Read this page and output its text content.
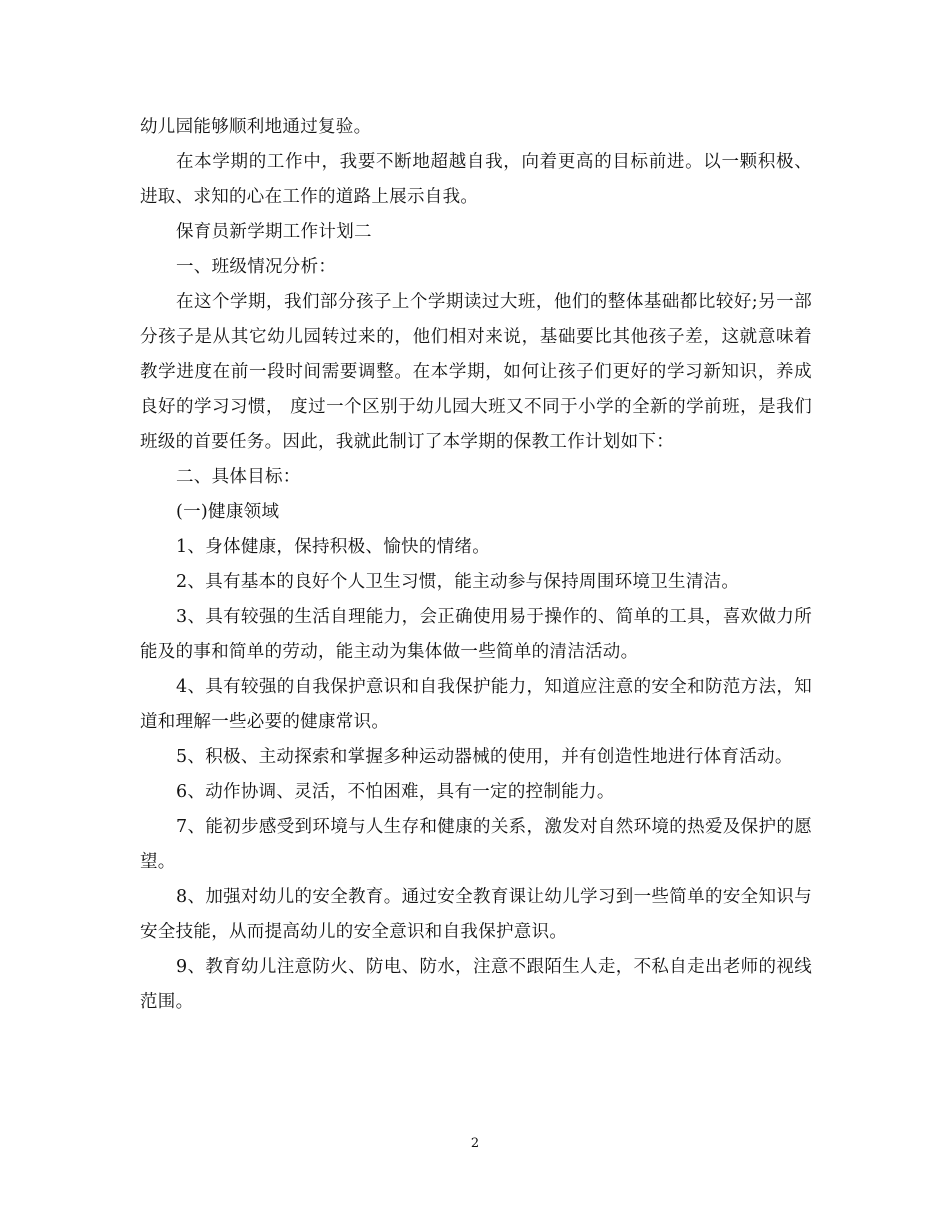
幼儿园能够顺利地通过复验。

在本学期的工作中，我要不断地超越自我，向着更高的目标前进。以一颗积极、进取、求知的心在工作的道路上展示自我。

保育员新学期工作计划二

一、班级情况分析：

在这个学期，我们部分孩子上个学期读过大班，他们的整体基础都比较好;另一部分孩子是从其它幼儿园转过来的，他们相对来说，基础要比其他孩子差，这就意味着教学进度在前一段时间需要调整。在本学期，如何让孩子们更好的学习新知识，养成良好的学习习惯， 度过一个区别于幼儿园大班又不同于小学的全新的学前班，是我们班级的首要任务。因此，我就此制订了本学期的保教工作计划如下：

二、具体目标：

(一)健康领域

1、身体健康，保持积极、愉快的情绪。

2、具有基本的良好个人卫生习惯，能主动参与保持周围环境卫生清洁。

3、具有较强的生活自理能力，会正确使用易于操作的、简单的工具，喜欢做力所能及的事和简单的劳动，能主动为集体做一些简单的清洁活动。

4、具有较强的自我保护意识和自我保护能力，知道应注意的安全和防范方法，知道和理解一些必要的健康常识。

5、积极、主动探索和掌握多种运动器械的使用，并有创造性地进行体育活动。

6、动作协调、灵活，不怕困难，具有一定的控制能力。

7、能初步感受到环境与人生存和健康的关系，激发对自然环境的热爱及保护的愿望。

8、加强对幼儿的安全教育。通过安全教育课让幼儿学习到一些简单的安全知识与安全技能，从而提高幼儿的安全意识和自我保护意识。

9、教育幼儿注意防火、防电、防水，注意不跟陌生人走，不私自走出老师的视线范围。

2
